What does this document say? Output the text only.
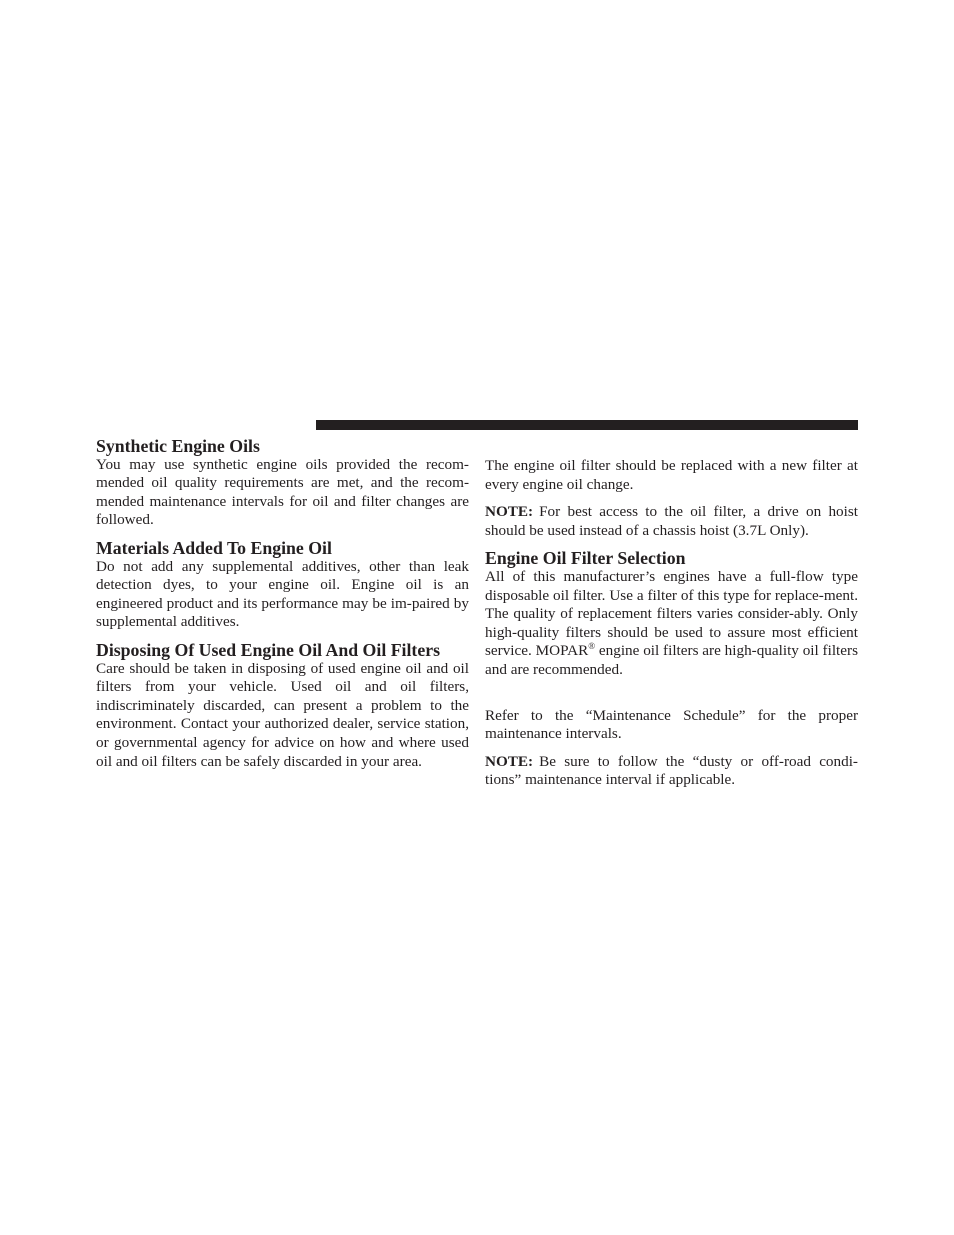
Synthetic Engine Oils

You may use synthetic engine oils provided the recom-mended oil quality requirements are met, and the recom-mended maintenance intervals for oil and filter changes are followed.

Materials Added To Engine Oil

Do not add any supplemental additives, other than leak detection dyes, to your engine oil. Engine oil is an engineered product and its performance may be im-paired by supplemental additives.

Disposing Of Used Engine Oil And Oil Filters

Care should be taken in disposing of used engine oil and oil filters from your vehicle. Used oil and oil filters, indiscriminately discarded, can present a problem to the environment. Contact your authorized dealer, service station, or governmental agency for advice on how and where used oil and oil filters can be safely discarded in your area.

The engine oil filter should be replaced with a new filter at every engine oil change.

NOTE: For best access to the oil filter, a drive on hoist should be used instead of a chassis hoist (3.7L Only).

Engine Oil Filter Selection

All of this manufacturer’s engines have a full-flow type disposable oil filter. Use a filter of this type for replace-ment. The quality of replacement filters varies consider-ably. Only high-quality filters should be used to assure most efficient service. MOPAR® engine oil filters are high-quality oil filters and are recommended.

Refer to the “Maintenance Schedule” for the proper maintenance intervals.

NOTE: Be sure to follow the “dusty or off-road condi-tions” maintenance interval if applicable.
